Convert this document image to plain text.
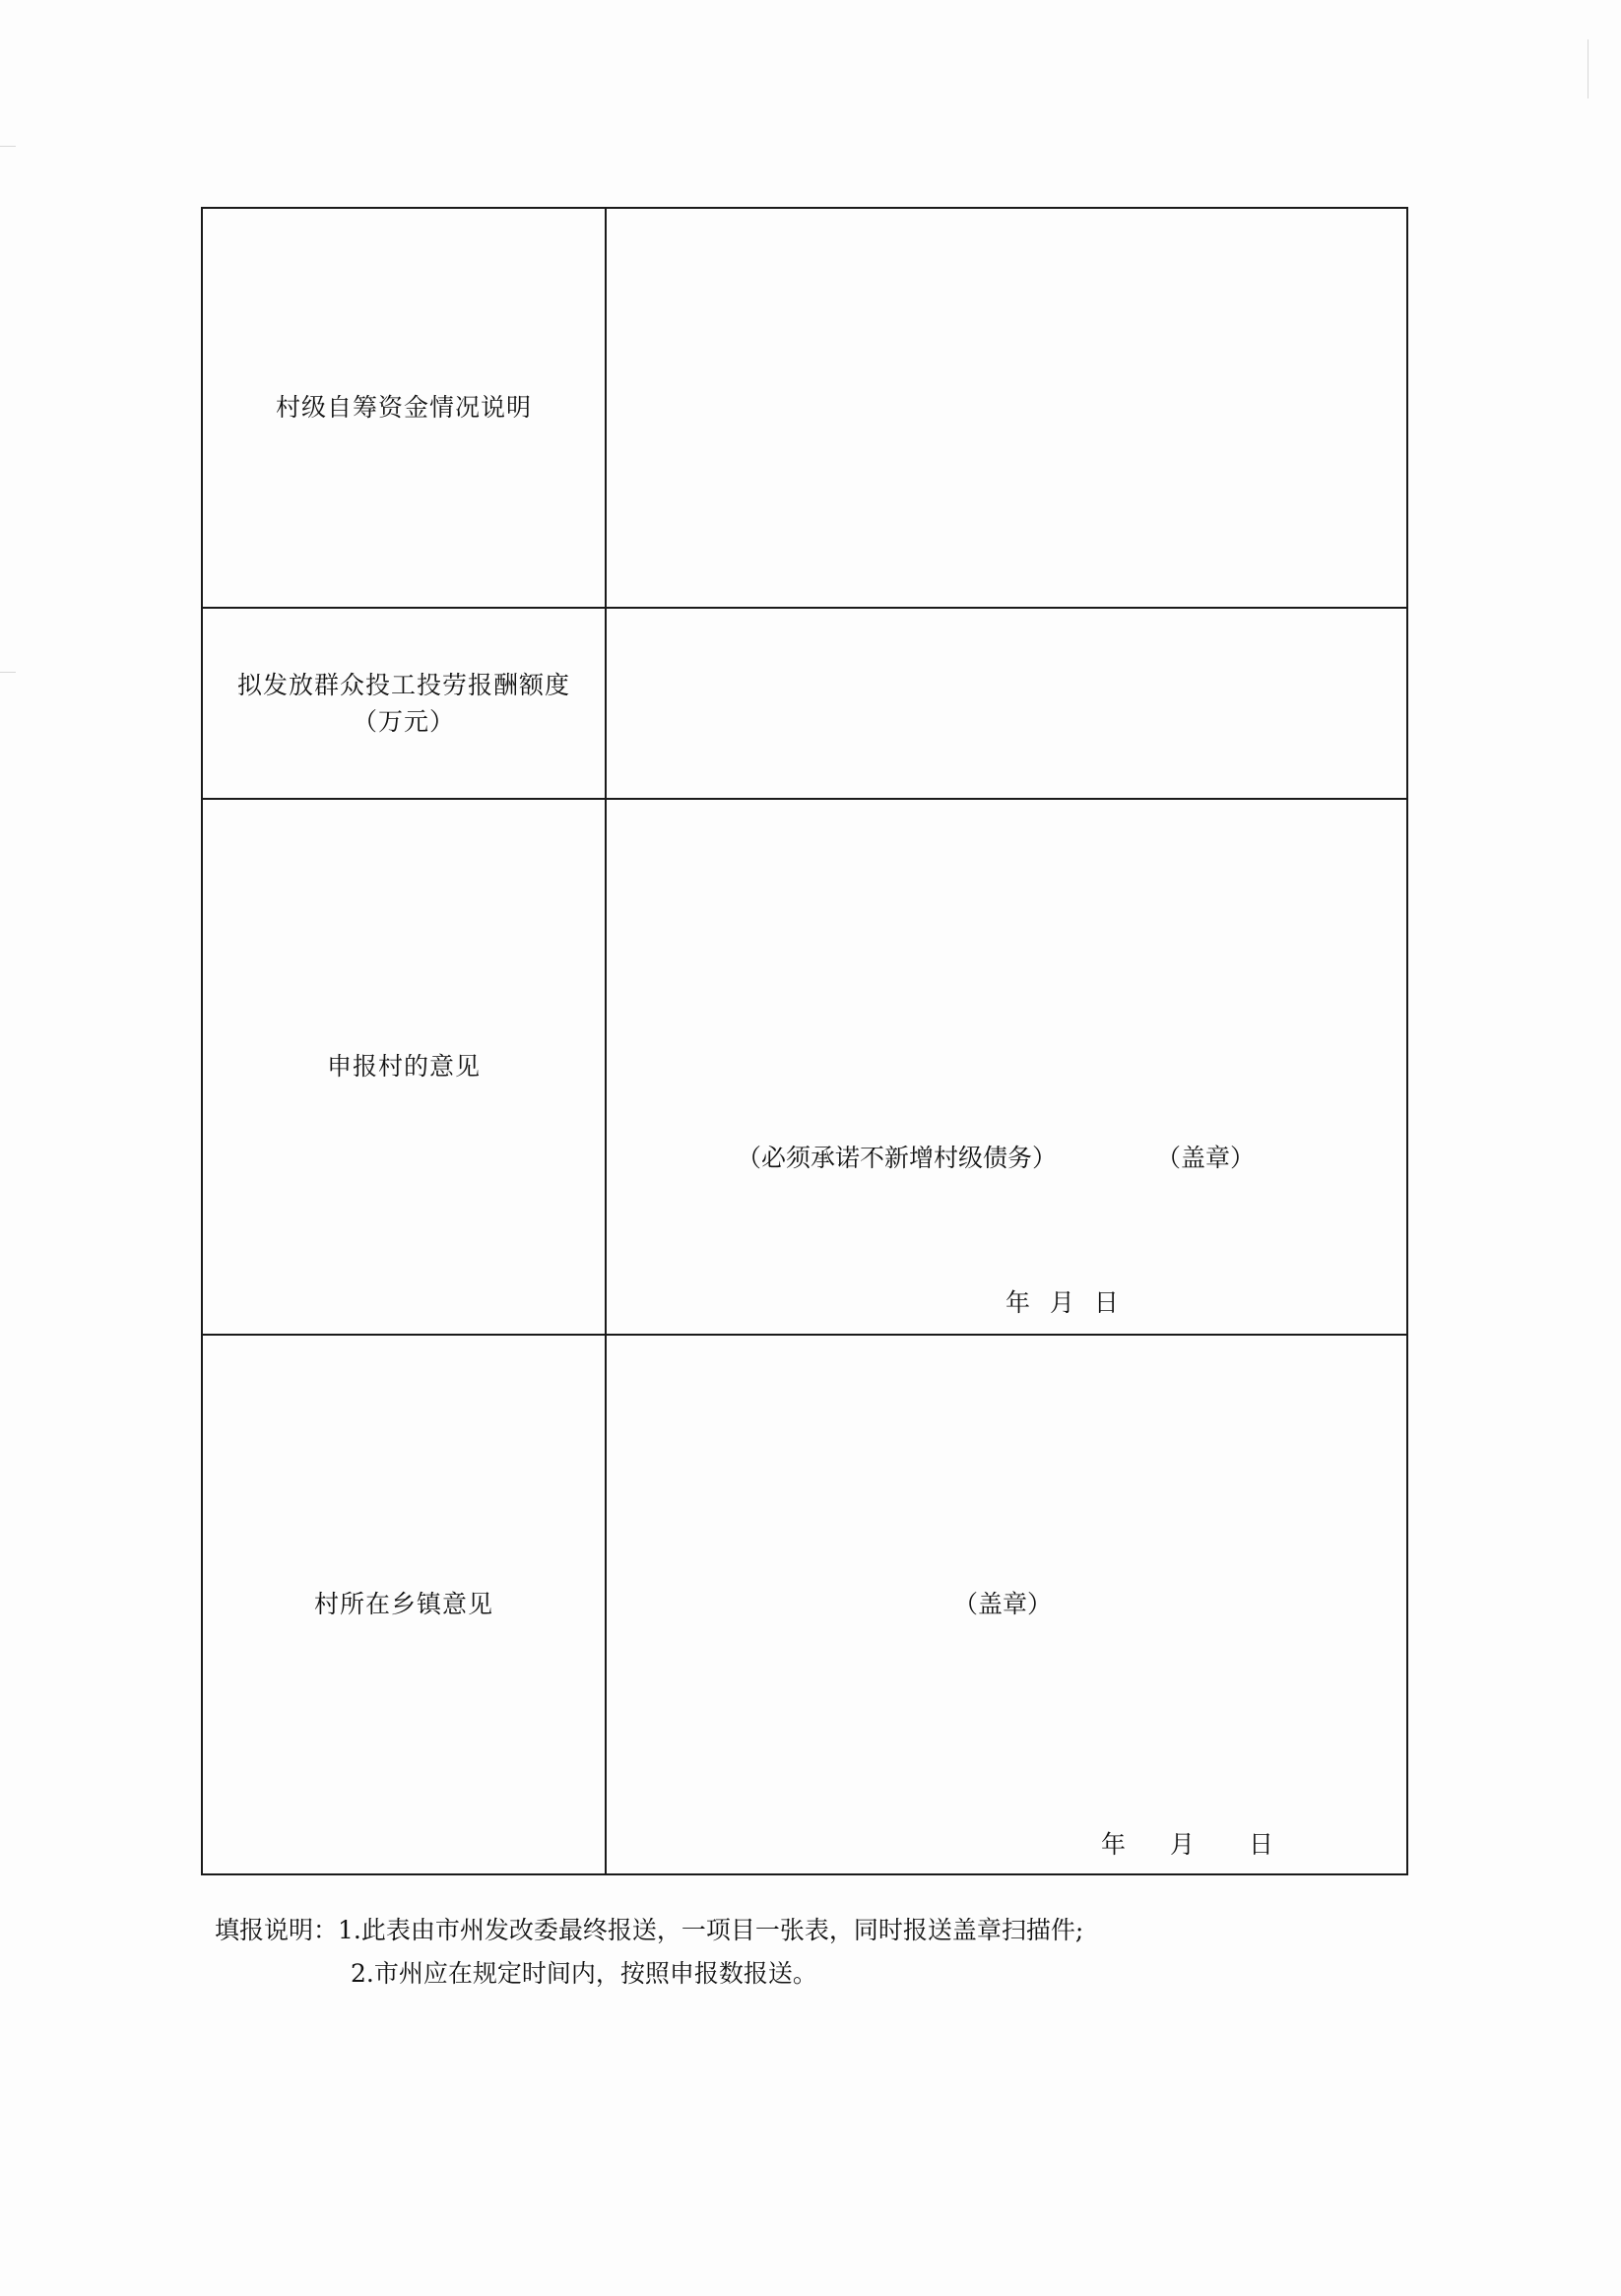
村级自筹资金情况说明	

拟发放群众投工投劳报酬额度
（万元）	

申报村的意见	（必须承诺不新增村级债务） （盖章）
年 月 日

村所在乡镇意见	（盖章）
年 月 日
填报说明：1.此表由市州发改委最终报送，一项目一张表，同时报送盖章扫描件;
2.市州应在规定时间内，按照申报数报送。
